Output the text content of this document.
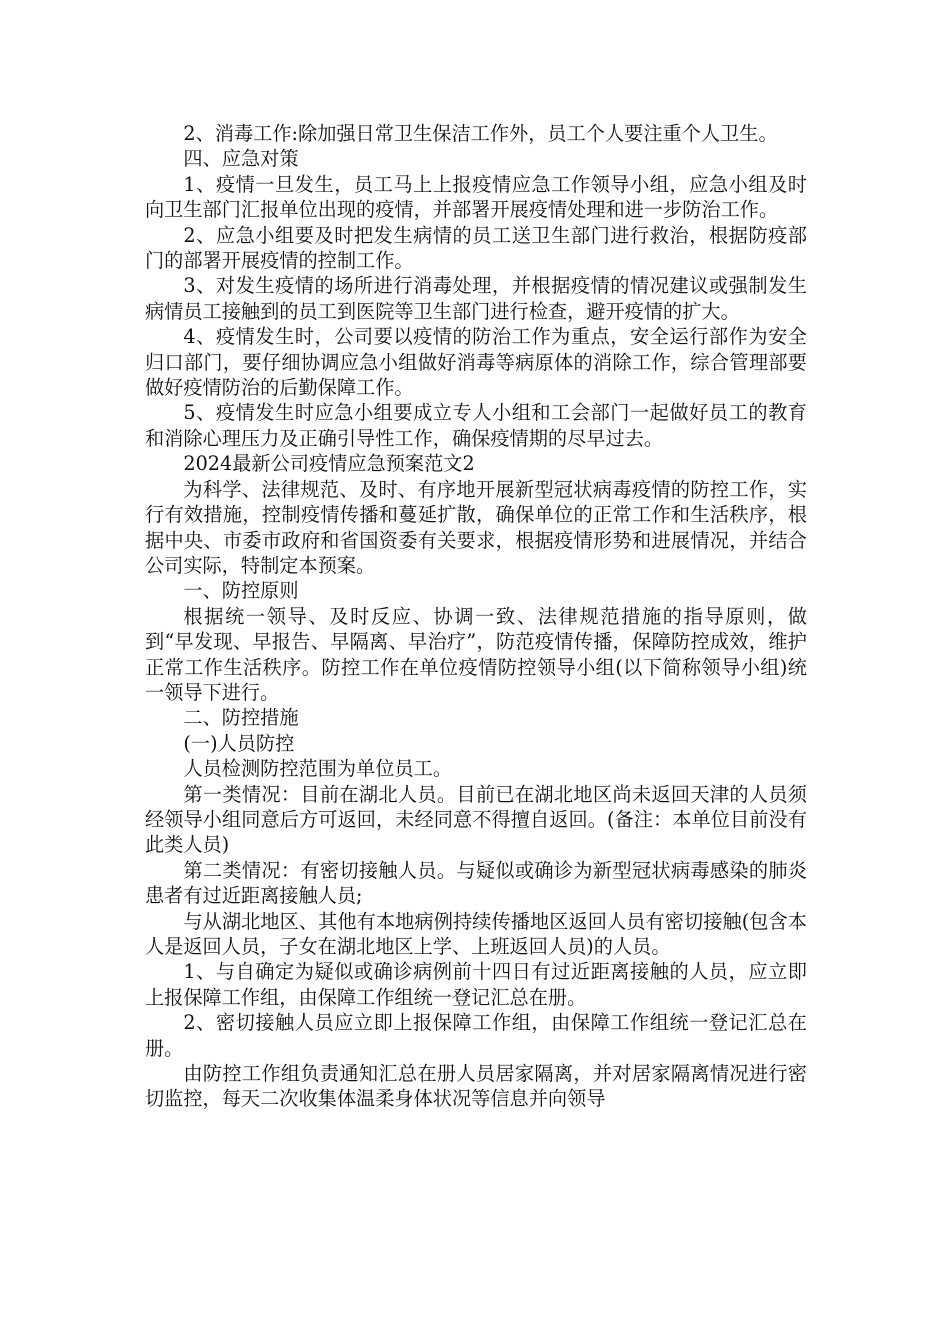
2、消毒工作:除加强日常卫生保洁工作外，员工个人要注重个人卫生。

四、应急对策

1、疫情一旦发生，员工马上上报疫情应急工作领导小组，应急小组及时向卫生部门汇报单位出现的疫情，并部署开展疫情处理和进一步防治工作。

2、应急小组要及时把发生病情的员工送卫生部门进行救治，根据防疫部门的部署开展疫情的控制工作。

3、对发生疫情的场所进行消毒处理，并根据疫情的情况建议或强制发生病情员工接触到的员工到医院等卫生部门进行检查，避开疫情的扩大。

4、疫情发生时，公司要以疫情的防治工作为重点，安全运行部作为安全归口部门，要仔细协调应急小组做好消毒等病原体的消除工作，综合管理部要做好疫情防治的后勤保障工作。

5、疫情发生时应急小组要成立专人小组和工会部门一起做好员工的教育和消除心理压力及正确引导性工作，确保疫情期的尽早过去。

2024最新公司疫情应急预案范文2

为科学、法律规范、及时、有序地开展新型冠状病毒疫情的防控工作，实行有效措施，控制疫情传播和蔓延扩散，确保单位的正常工作和生活秩序，根据中央、市委市政府和省国资委有关要求，根据疫情形势和进展情况，并结合公司实际，特制定本预案。

一、防控原则

根据统一领导、及时反应、协调一致、法律规范措施的指导原则，做到“早发现、早报告、早隔离、早治疗”，防范疫情传播，保障防控成效，维护正常工作生活秩序。防控工作在单位疫情防控领导小组(以下简称领导小组)统一领导下进行。

二、防控措施

(一)人员防控

人员检测防控范围为单位员工。

第一类情况：目前在湖北人员。目前已在湖北地区尚未返回天津的人员须经领导小组同意后方可返回，未经同意不得擅自返回。(备注：本单位目前没有此类人员)

第二类情况：有密切接触人员。与疑似或确诊为新型冠状病毒感染的肺炎患者有过近距离接触人员;

与从湖北地区、其他有本地病例持续传播地区返回人员有密切接触(包含本人是返回人员，子女在湖北地区上学、上班返回人员)的人员。

1、与自确定为疑似或确诊病例前十四日有过近距离接触的人员，应立即上报保障工作组，由保障工作组统一登记汇总在册。

2、密切接触人员应立即上报保障工作组，由保障工作组统一登记汇总在册。

由防控工作组负责通知汇总在册人员居家隔离，并对居家隔离情况进行密切监控，每天二次收集体温柔身体状况等信息并向领导
